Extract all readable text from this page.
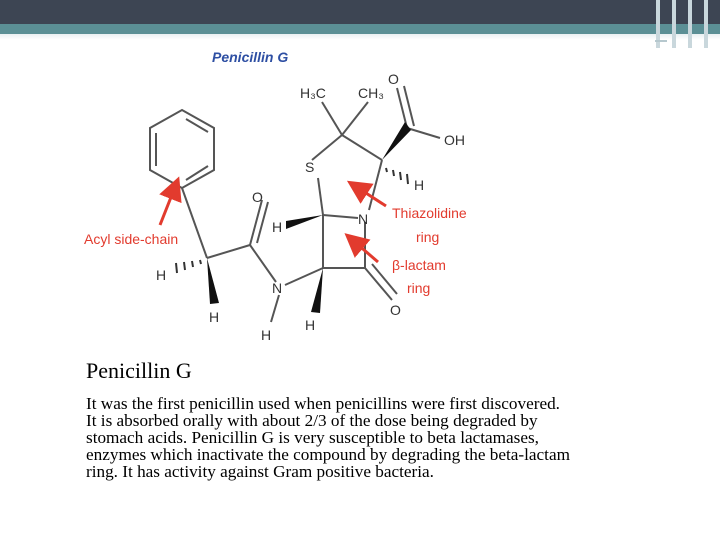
Penicillin G
H₃C CH₃
O
OH
S
H
N
H
O
H
N
H
H
H
O
Acyl side-chain
Thiazolidine
ring
β-lactam
ring
Penicillin G
It was the first penicillin used when penicillins were first discovered.
It is absorbed orally with about 2/3 of the dose being degraded by
stomach acids. Penicillin G is very susceptible to beta lactamases,
enzymes which inactivate the compound by degrading the beta-lactam
ring. It has activity against Gram positive bacteria.
